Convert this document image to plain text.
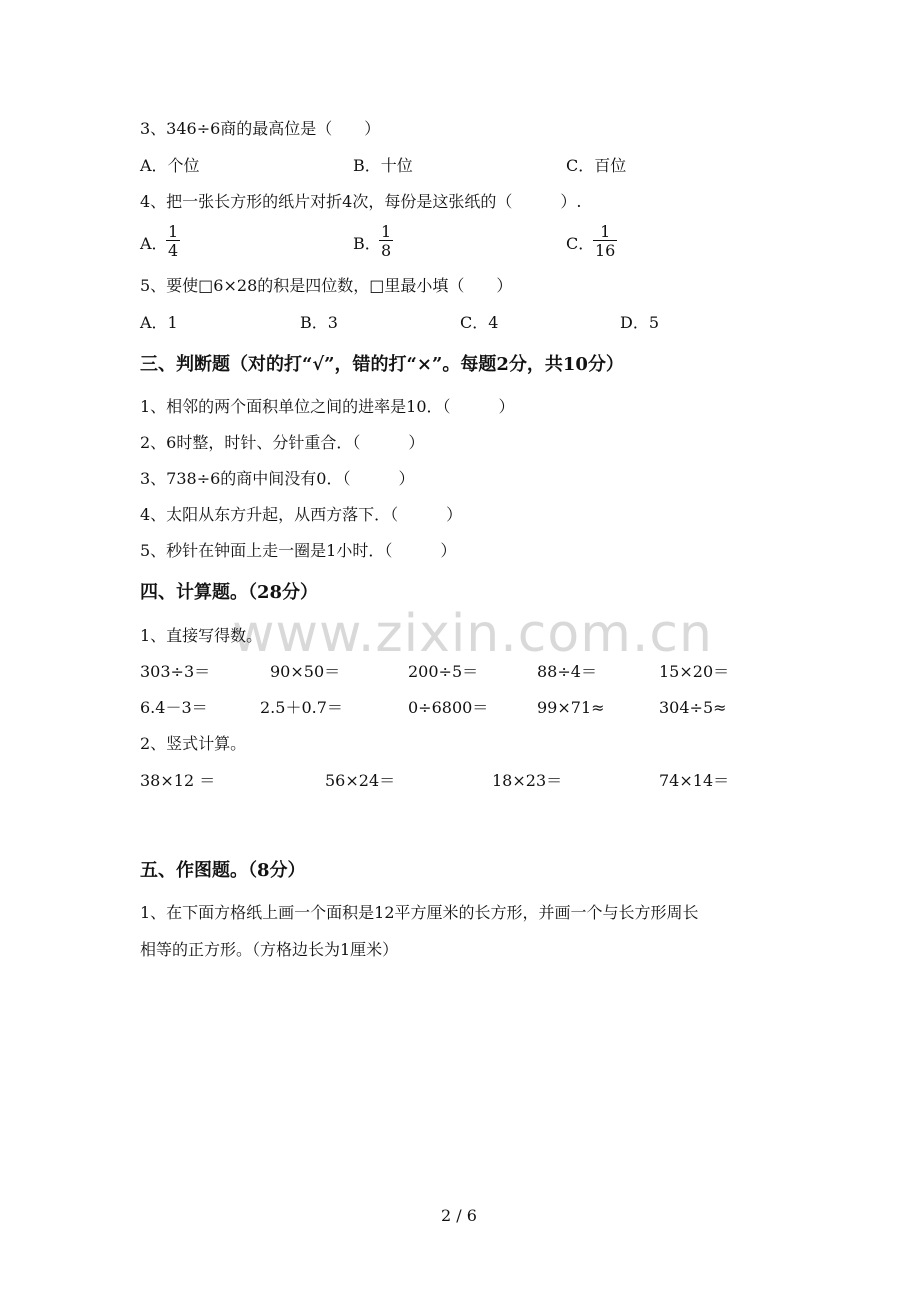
3、346÷6商的最高位是（　　）
A．个位	B．十位	C．百位
4、把一张长方形的纸片对折4次，每份是这张纸的（　　　）.
A．
$\frac{1}{4}$	B．
$\frac{1}{8}$	C．
$\frac{1}{16}$
5、要使□6×28的积是四位数，□里最小填（　　）
A．1	B．3	C．4	D．5
三、判断题（对的打“√”，错的打“×”。每题2分，共10分）
1、相邻的两个面积单位之间的进率是10．（　　　）
2、6时整，时针、分针重合．（　　　）
3、738÷6的商中间没有0．（　　　）
4、太阳从东方升起，从西方落下．（　　　）
5、秒针在钟面上走一圈是1小时．（　　　）
www.zixin.com.cn
四、计算题。（28分）
1、直接写得数。
303÷3＝	90×50＝	200÷5＝	88÷4＝	15×20＝
6.4－3＝	2.5＋0.7＝	0÷6800＝	99×71≈	304÷5≈
2、竖式计算。
38×12 ＝	56×24＝	18×23＝	74×14＝
五、作图题。（8分）
1、在下面方格纸上画一个面积是12平方厘米的长方形，并画一个与长方形周长
相等的正方形。（方格边长为1厘米）
2 / 6
